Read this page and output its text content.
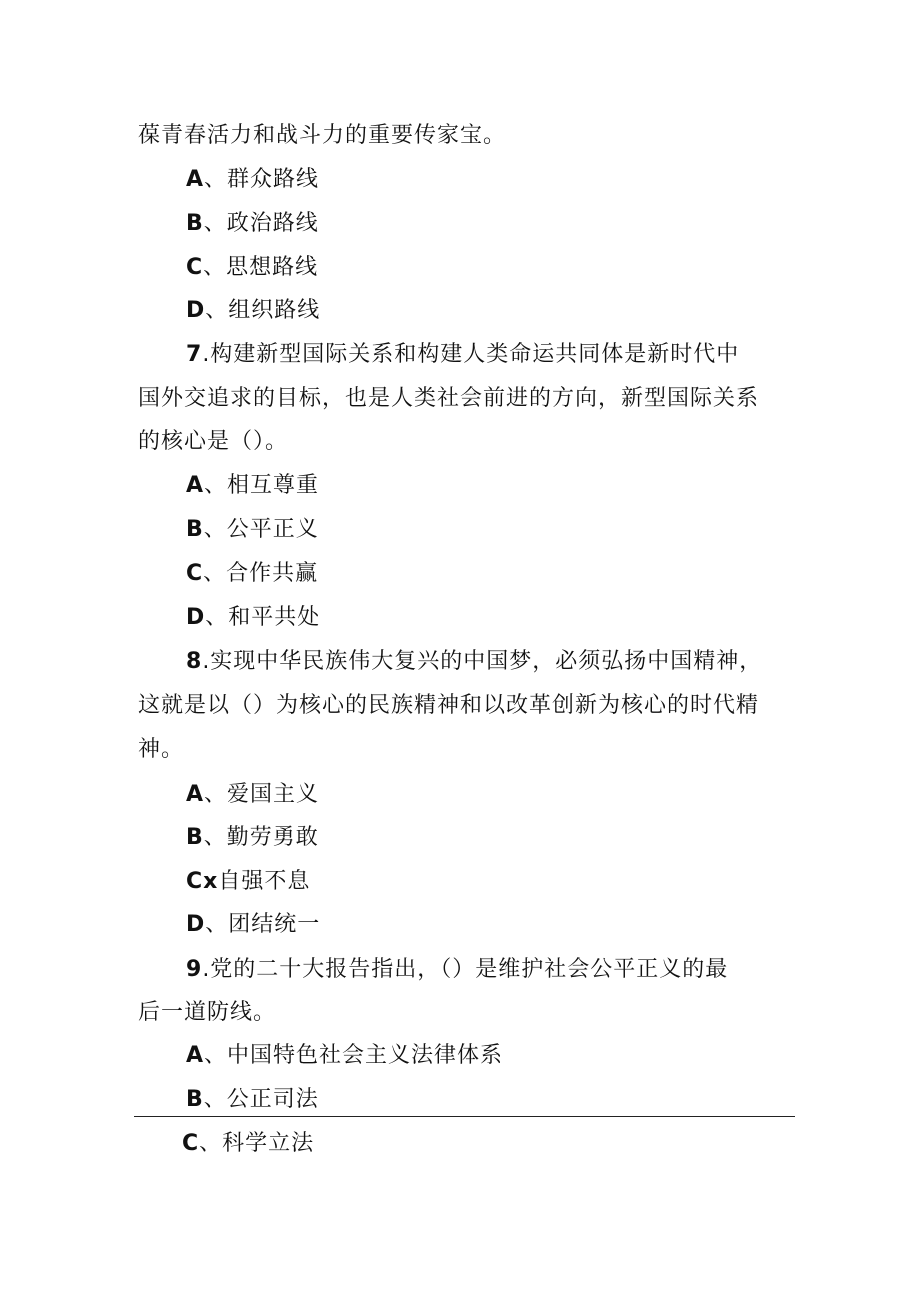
葆青春活力和战斗力的重要传家宝。
A、群众路线
B、政治路线
C、思想路线
D、组织路线
7.构建新型国际关系和构建人类命运共同体是新时代中
国外交追求的目标，也是人类社会前进的方向，新型国际关系
的核心是（）。
A、相互尊重
B、公平正义
C、合作共赢
D、和平共处
8.实现中华民族伟大复兴的中国梦，必须弘扬中国精神，
这就是以（）为核心的民族精神和以改革创新为核心的时代精
神。
A、爱国主义
B、勤劳勇敢
Cx自强不息
D、团结统一
9.党的二十大报告指出，（）是维护社会公平正义的最
后一道防线。
A、中国特色社会主义法律体系
B、公正司法
C、科学立法
